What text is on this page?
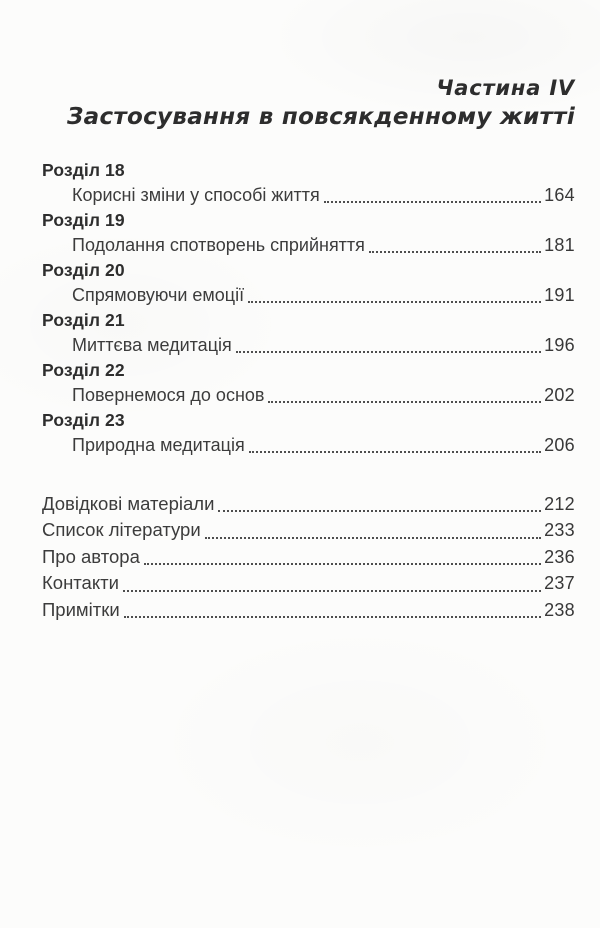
Частина IV
Застосування в повсякденному житті
Розділ 18
Корисні зміни у способі життя	164
Розділ 19
Подолання спотворень сприйняття	181
Розділ 20
Спрямовуючи емоції	191
Розділ 21
Миттєва медитація	196
Розділ 22
Повернемося до основ	202
Розділ 23
Природна медитація	206
Довідкові матеріали	212
Список літератури	233
Про автора	236
Контакти	237
Примітки	238
